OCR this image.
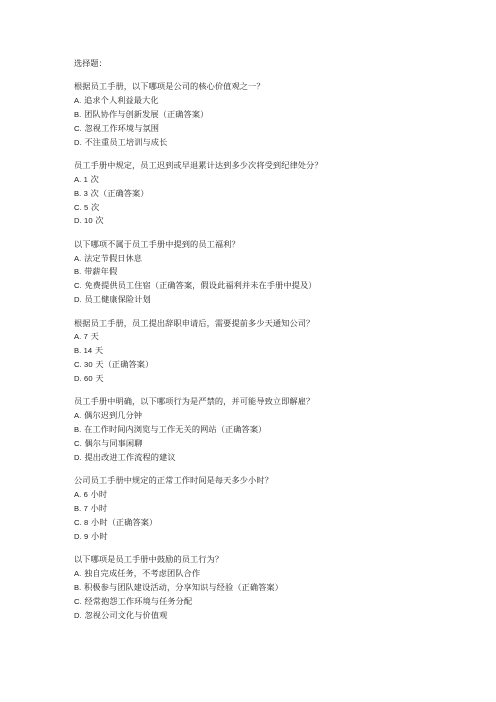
选择题：
根据员工手册，以下哪项是公司的核心价值观之一？
A. 追求个人利益最大化
B. 团队协作与创新发展（正确答案）
C. 忽视工作环境与氛围
D. 不注重员工培训与成长
员工手册中规定，员工迟到或早退累计达到多少次将受到纪律处分？
A. 1 次
B. 3 次（正确答案）
C. 5 次
D. 10 次
以下哪项不属于员工手册中提到的员工福利？
A. 法定节假日休息
B. 带薪年假
C. 免费提供员工住宿（正确答案，假设此福利并未在手册中提及）
D. 员工健康保险计划
根据员工手册，员工提出辞职申请后，需要提前多少天通知公司？
A. 7 天
B. 14 天
C. 30 天（正确答案）
D. 60 天
员工手册中明确，以下哪项行为是严禁的，并可能导致立即解雇？
A. 偶尔迟到几分钟
B. 在工作时间内浏览与工作无关的网站（正确答案）
C. 偶尔与同事闲聊
D. 提出改进工作流程的建议
公司员工手册中规定的正常工作时间是每天多少小时？
A. 6 小时
B. 7 小时
C. 8 小时（正确答案）
D. 9 小时
以下哪项是员工手册中鼓励的员工行为？
A. 独自完成任务，不考虑团队合作
B. 积极参与团队建设活动，分享知识与经验（正确答案）
C. 经常抱怨工作环境与任务分配
D. 忽视公司文化与价值观
